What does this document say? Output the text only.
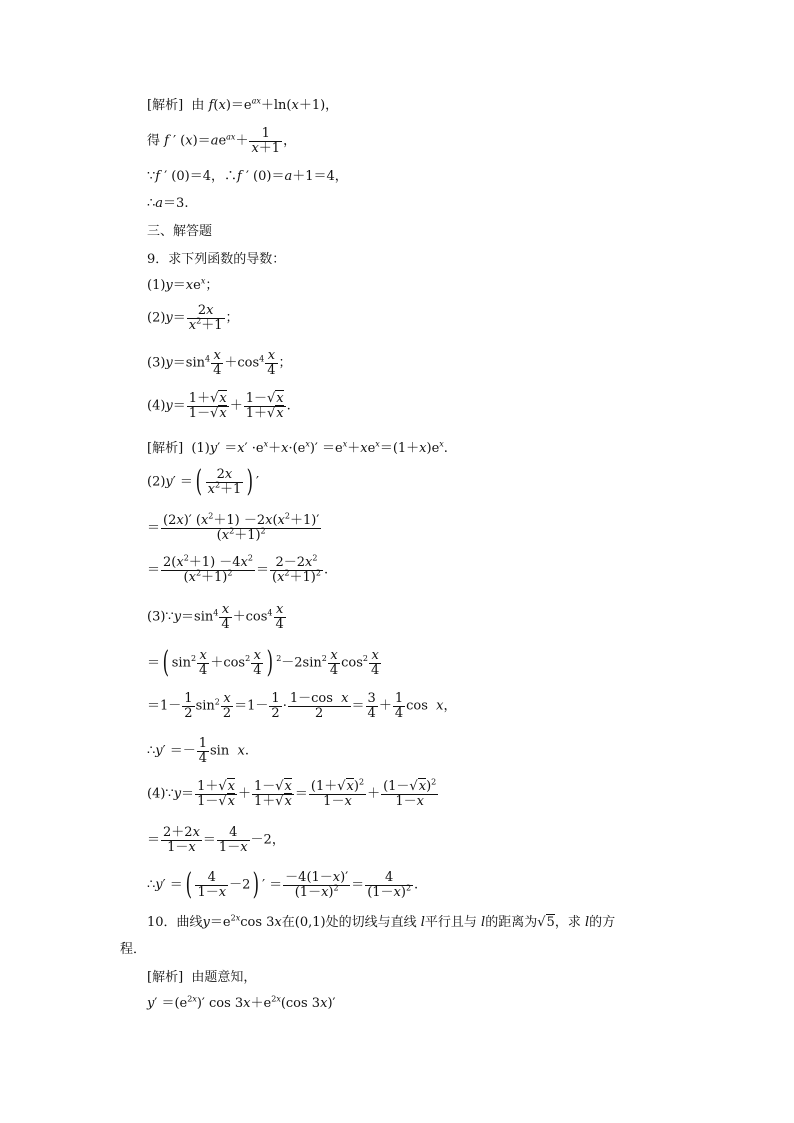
[解析] 由 $f(x)=e^{ax}+\ln(x+1)$，
得 f ′ $(x)=ae^{ax}+ \frac{1}{x+1}$ ，
∵f ′ (0)＝4，∴f ′ (0)＝a＋1＝4，
∴a＝3.
三、解答题
9．求下列函数的导数：
$(1)y=xe^x$；
$(2)y= \frac{2x}{x^2+1}$ ；
$(3)y=\sin^4 \frac{x}{4} +\cos^4 \frac{x}{4}$ ；
$(4)y= \frac{1+√x}{1-√x} + \frac{1-√x}{1+√x}$ .
[解析]  $(1)y' =x' \cdot e^x+x\cdot(e^x)' =e^x+xe^x=(1+x)e^x$.
(2)y′ ＝( $\frac{2x}{x^2+1}$ ) ′
＝ $\frac{(2x)' (x^2+1) -2x(x^2+1)'}{(x^2+1)^2}$
＝ $\frac{2(x^2+1) -4x^2}{(x^2+1)^2} = \frac{2-2x^2}{(x^2+1)^2}$ .
$(3)\because y=\sin^4 \frac{x}{4} +\cos^4 \frac{x}{4}$
＝( $\sin^2 \frac{x}{4} +\cos^2 \frac{x}{4}$ ) $^2-2\sin^2 \frac{x}{4} \cos^2 \frac{x}{4}$
$=1- \frac{1}{2} \sin^2 \frac{x}{2} =1- \frac{1}{2} \cdot \frac{\text{1－cos  x}}{2} = \frac{3}{4} + \frac{1}{4}$ cos  x，
∴y′ ＝－ $\frac{1}{4}$ sin  x.
(4)∵y＝ $\frac{1+√x}{1-√x} + \frac{1-√x}{1+√x} = \frac{(1+√x)^2}{1-x} + \frac{(1-√x)^2}{1-x}$
＝ $\frac{2+2x}{1-x} = \frac{4}{1-x} -2$，
∴y′ ＝( $\frac{4}{1-x} -2$) ′ ＝ $\frac{-4(1-x)'}{(1-x)^2} = \frac{4}{(1-x)^2}$ .
10．曲线$y=e^{2x}\cos$ 3x在(0,1)处的切线与直线 l平行且与 l的距离为√5，求 l的方
程．
[解析] 由题意知，
$y' =(e^{2x})'$ $\cos 3x+e^{2x}(\cos$ 3x)′
